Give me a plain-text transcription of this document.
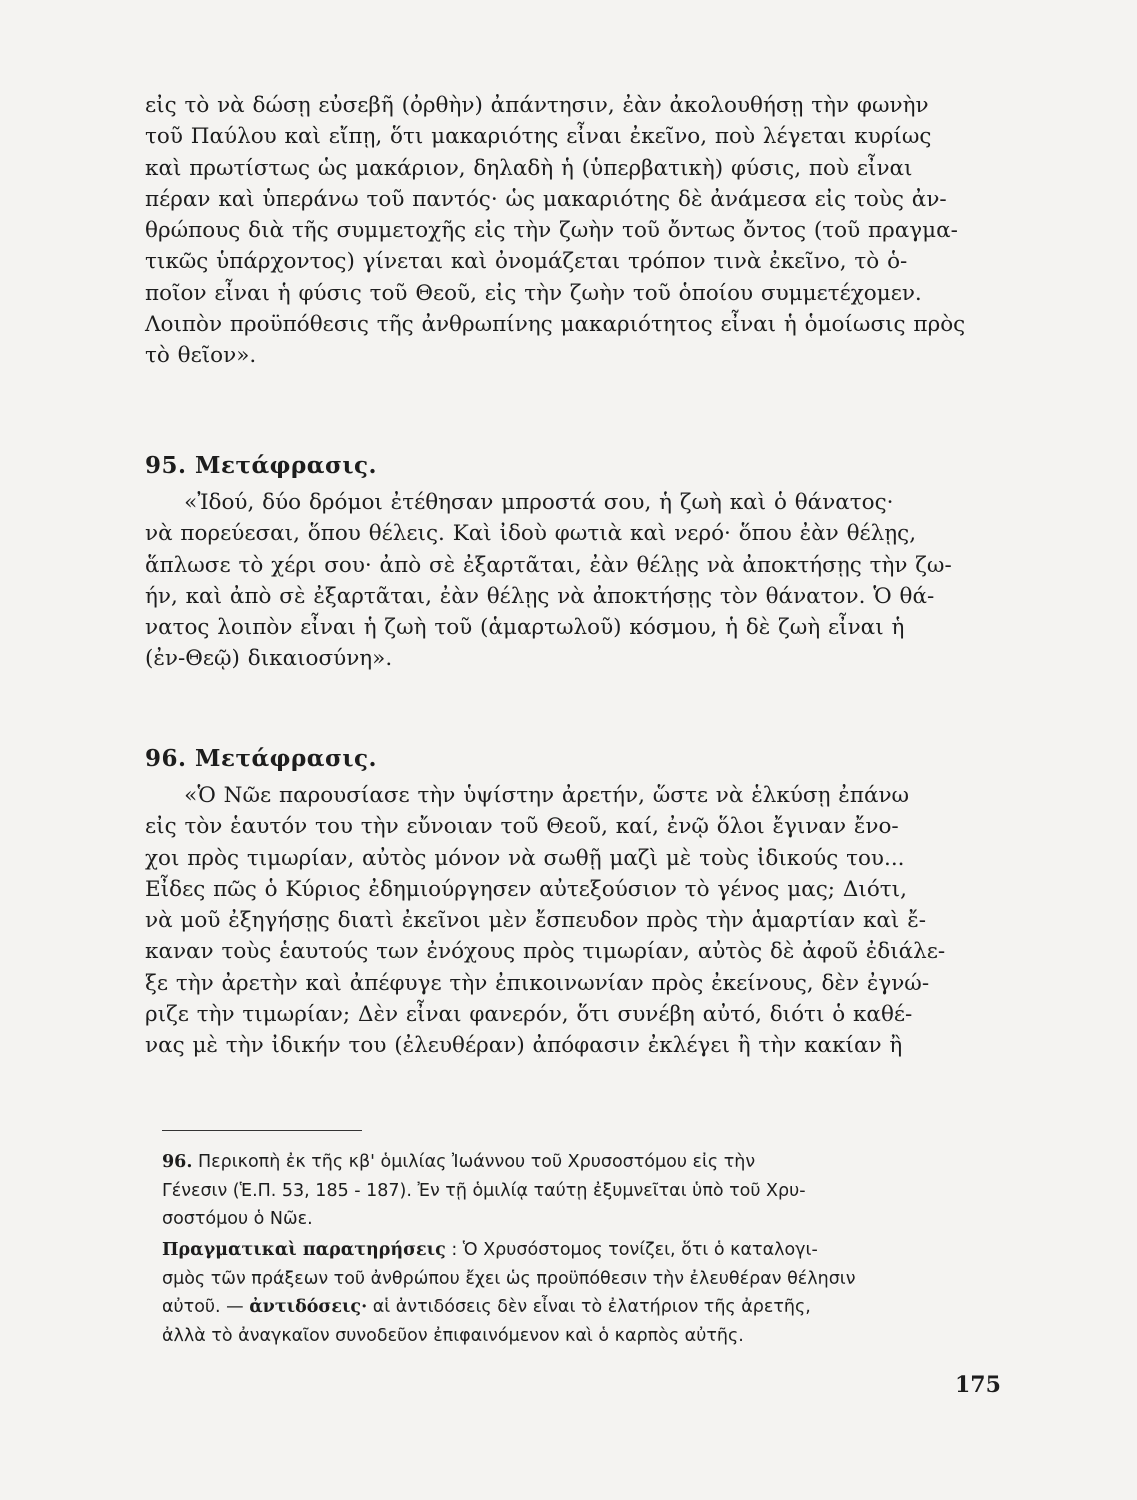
εἰς τὸ νὰ δώσῃ εὐσεβῆ (ὀρθὴν) ἀπάντησιν, ἐὰν ἀκολουθήσῃ τὴν φωνὴν
τοῦ Παύλου καὶ εἴπῃ, ὅτι μακαριότης εἶναι ἐκεῖνο, ποὺ λέγεται κυρίως
καὶ πρωτίστως ὡς μακάριον, δηλαδὴ ἡ (ὑπερβατικὴ) φύσις, ποὺ εἶναι
πέραν καὶ ὑπεράνω τοῦ παντός· ὡς μακαριότης δὲ ἀνάμεσα εἰς τοὺς ἀν-
θρώπους διὰ τῆς συμμετοχῆς εἰς τὴν ζωὴν τοῦ ὄντως ὄντος (τοῦ πραγμα-
τικῶς ὑπάρχοντος) γίνεται καὶ ὀνομάζεται τρόπον τινὰ ἐκεῖνο, τὸ ὁ-
ποῖον εἶναι ἡ φύσις τοῦ Θεοῦ, εἰς τὴν ζωὴν τοῦ ὁποίου συμμετέχομεν.
Λοιπὸν προϋπόθεσις τῆς ἀνθρωπίνης μακαριότητος εἶναι ἡ ὁμοίωσις πρὸς
τὸ θεῖον».
95. Μετάφρασις.
«Ἰδού, δύο δρόμοι ἐτέθησαν μπροστά σου, ἡ ζωὴ καὶ ὁ θάνατος·
νὰ πορεύεσαι, ὅπου θέλεις. Καὶ ἰδοὺ φωτιὰ καὶ νερό· ὅπου ἐὰν θέλῃς,
ἅπλωσε τὸ χέρι σου· ἀπὸ σὲ ἐξαρτᾶται, ἐὰν θέλῃς νὰ ἀποκτήσῃς τὴν ζω-
ήν, καὶ ἀπὸ σὲ ἐξαρτᾶται, ἐὰν θέλῃς νὰ ἀποκτήσῃς τὸν θάνατον. Ὁ θά-
νατος λοιπὸν εἶναι ἡ ζωὴ τοῦ (ἁμαρτωλοῦ) κόσμου, ἡ δὲ ζωὴ εἶναι ἡ
(ἐν-Θεῷ) δικαιοσύνη».
96. Μετάφρασις.
«Ὁ Νῶε παρουσίασε τὴν ὑψίστην ἀρετήν, ὥστε νὰ ἑλκύσῃ ἐπάνω
εἰς τὸν ἑαυτόν του τὴν εὔνοιαν τοῦ Θεοῦ, καί, ἐνῷ ὅλοι ἔγιναν ἔνο-
χοι πρὸς τιμωρίαν, αὐτὸς μόνον νὰ σωθῇ μαζὶ μὲ τοὺς ἰδικούς του...
Εἶδες πῶς ὁ Κύριος ἐδημιούργησεν αὐτεξούσιον τὸ γένος μας; Διότι,
νὰ μοῦ ἐξηγήσῃς διατὶ ἐκεῖνοι μὲν ἔσπευδον πρὸς τὴν ἁμαρτίαν καὶ ἔ-
καναν τοὺς ἑαυτούς των ἐνόχους πρὸς τιμωρίαν, αὐτὸς δὲ ἀφοῦ ἐδιάλε-
ξε τὴν ἀρετὴν καὶ ἀπέφυγε τὴν ἐπικοινωνίαν πρὸς ἐκείνους, δὲν ἐγνώ-
ριζε τὴν τιμωρίαν; Δὲν εἶναι φανερόν, ὅτι συνέβη αὐτό, διότι ὁ καθέ-
νας μὲ τὴν ἰδικήν του (ἐλευθέραν) ἀπόφασιν ἐκλέγει ἢ τὴν κακίαν ἢ
96. Περικοπὴ ἐκ τῆς κβ' ὁμιλίας Ἰωάννου τοῦ Χρυσοστόμου εἰς τὴν
Γένεσιν (Ἑ.Π. 53, 185 - 187). Ἐν τῇ ὁμιλίᾳ ταύτῃ ἐξυμνεῖται ὑπὸ τοῦ Χρυ-
σοστόμου ὁ Νῶε.
Πραγματικαὶ παρατηρήσεις : Ὁ Χρυσόστομος τονίζει, ὅτι ὁ καταλογι-
σμὸς τῶν πράξεων τοῦ ἀνθρώπου ἔχει ὡς προϋπόθεσιν τὴν ἐλευθέραν θέλησιν
αὐτοῦ. — ἀντιδόσεις· αἱ ἀντιδόσεις δὲν εἶναι τὸ ἐλατήριον τῆς ἀρετῆς,
ἀλλὰ τὸ ἀναγκαῖον συνοδεῦον ἐπιφαινόμενον καὶ ὁ καρπὸς αὐτῆς.
175
